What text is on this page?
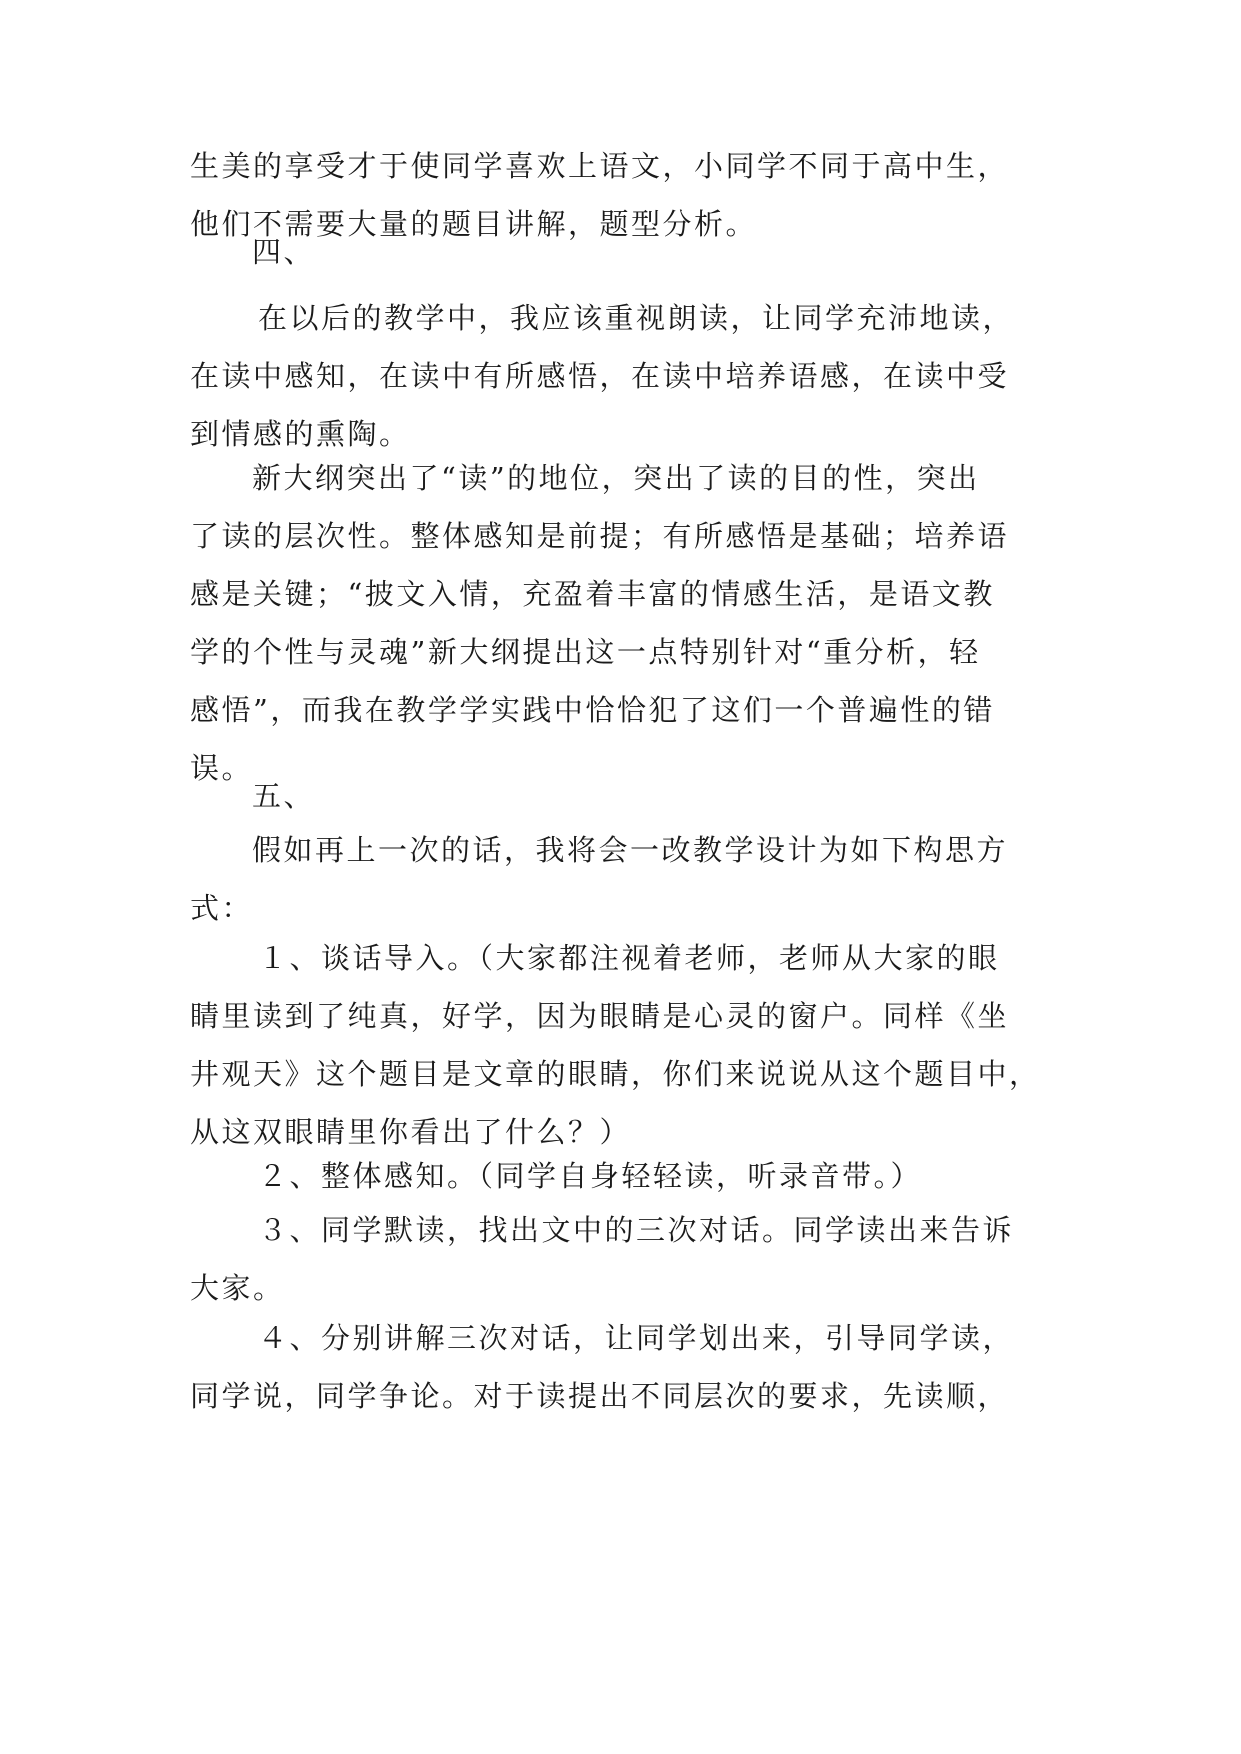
生美的享受才于使同学喜欢上语文，小同学不同于高中生，
他们不需要大量的题目讲解，题型分析。
四、
在以后的教学中，我应该重视朗读，让同学充沛地读，
在读中感知，在读中有所感悟，在读中培养语感，在读中受
到情感的熏陶。
新大纲突出了“读”的地位，突出了读的目的性，突出
了读的层次性。整体感知是前提；有所感悟是基础；培养语
感是关键；“披文入情，充盈着丰富的情感生活，是语文教
学的个性与灵魂”新大纲提出这一点特别针对“重分析，轻
感悟”，而我在教学学实践中恰恰犯了这们一个普遍性的错
误。
五、
假如再上一次的话，我将会一改教学设计为如下构思方
式：
１、谈话导入。（大家都注视着老师，老师从大家的眼
睛里读到了纯真，好学，因为眼睛是心灵的窗户。同样《坐
井观天》这个题目是文章的眼睛，你们来说说从这个题目中，
从这双眼睛里你看出了什么？）
２、整体感知。（同学自身轻轻读，听录音带。）
３、同学默读，找出文中的三次对话。同学读出来告诉
大家。
４、分别讲解三次对话，让同学划出来，引导同学读，
同学说，同学争论。对于读提出不同层次的要求，先读顺，
